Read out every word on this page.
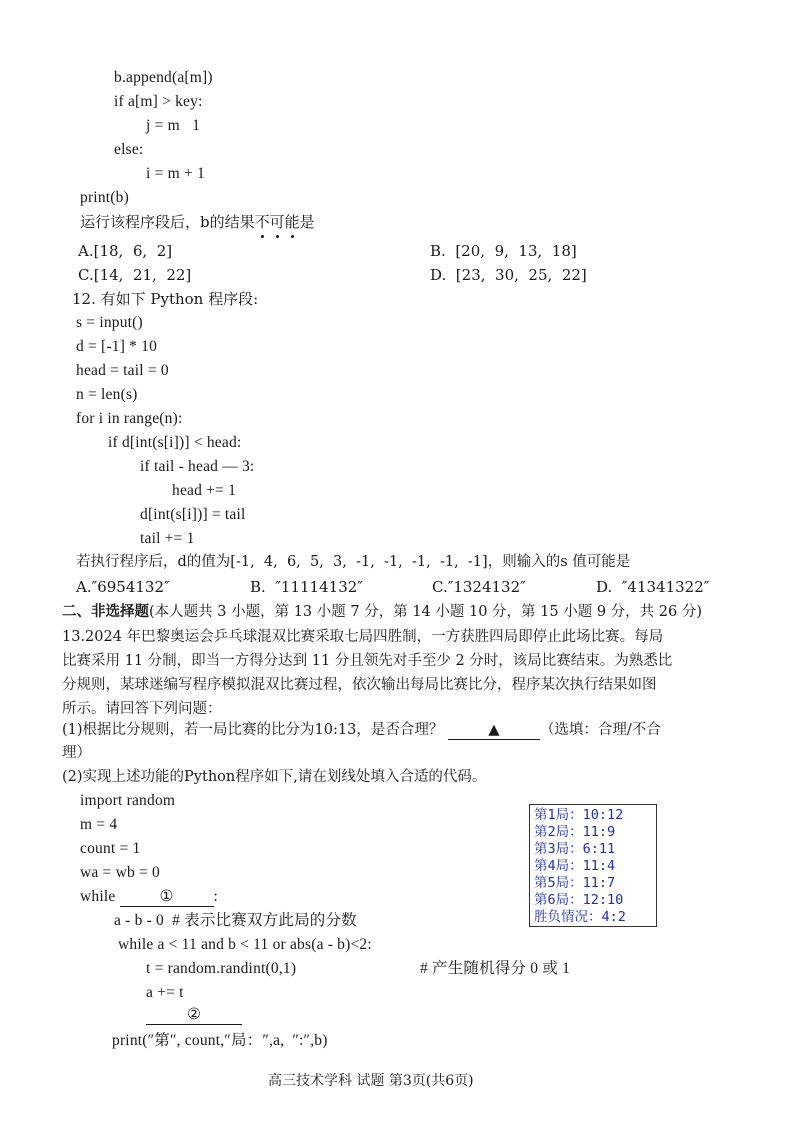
b.append(a[m])
if a[m] > key:
j = m   1
else:
i = m + 1
print(b)
运行该程序段后，b的结果不可能
是
A.[18,  6,  2]	B.  [20,  9,  13,  18]
C.[14,  21,  22]	D.  [23,  30,  25,  22]
12. 有如下 Python 程序段:
s = input()
d = [-1] * 10
head = tail = 0
n = len(s)
for i in range(n):
if d[int(s[i])] < head:
if tail - head — 3:
head += 1
d[int(s[i])] = tail
tail += 1
若执行程序后，d的值为[-1,  4,  6,  5,  3,  -1,  -1,  -1,  -1,  -1]，则输入的s 值可能是
A.″6954132″	B.  ″11114132″	C.″1324132″	D.  ″41341322″
二、非选择题(本人题共 3 小题，第 13 小题 7 分，第 14 小题 10 分，第 15 小题 9 分，共 26 分)
13.2024 年巴黎奥运会乒乓球混双比赛采取七局四胜制，一方获胜四局即停止此场比赛。每局
比赛采用 11 分制，即当一方得分达到 11 分且领先对手至少 2 分时，该局比赛结束。为熟悉比
分规则，某球迷编写程序模拟混双比赛过程，依次输出每局比赛比分，程序某次执行结果如图
所示。请回答下列问题：
(1)根据比分规则，若一局比赛的比分为10:13，是否合理？	▲	（选填：合理/不合
理）
(2)实现上述功能的Python程序如下,请在划线处填入合适的代码。
import random
m = 4
count = 1
wa = wb = 0
while	①	:
a - b - 0  # 表示比赛双方此局的分数
while a < 11 and b < 11 or abs(a - b)<2:
t = random.randint(0,1)	# 产生随机得分 0 或 1
a += t
②
print(″第″, count,″局：″,a,  ″:″,b)
第1局：10:12
第2局：11:9
第3局：6:11
第4局：11:4
第5局：11:7
第6局：12:10
胜负情况：4:2
高三技术学科 试题 第3页(共6页)
